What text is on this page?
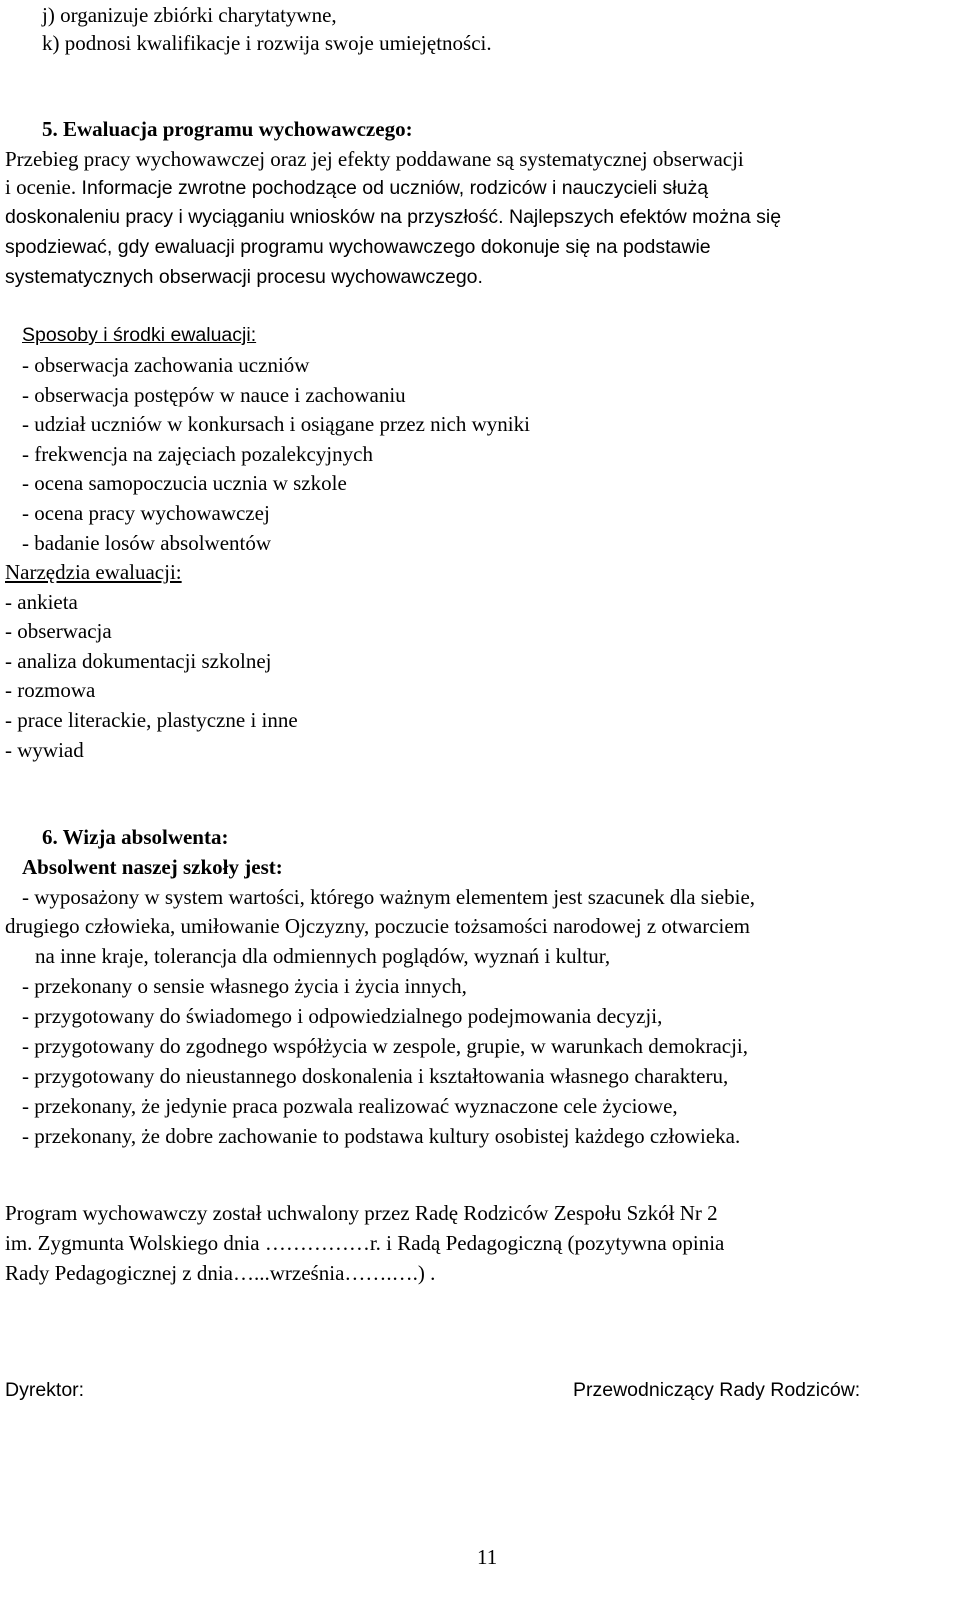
j) organizuje zbiórki charytatywne,
k) podnosi kwalifikacje i rozwija swoje umiejętności.
5. Ewaluacja programu wychowawczego:
Przebieg pracy wychowawczej oraz jej efekty poddawane są systematycznej obserwacji
i ocenie. Informacje zwrotne pochodzące od uczniów, rodziców i nauczycieli służą
doskonaleniu pracy i wyciąganiu wniosków na przyszłość. Najlepszych efektów można się
spodziewać, gdy ewaluacji programu wychowawczego dokonuje się na podstawie
systematycznych obserwacji procesu wychowawczego.
Sposoby i środki ewaluacji:
- obserwacja zachowania uczniów
- obserwacja postępów w nauce i zachowaniu
- udział uczniów w konkursach i osiągane przez nich wyniki
- frekwencja na zajęciach pozalekcyjnych
- ocena samopoczucia ucznia w szkole
- ocena pracy wychowawczej
- badanie losów absolwentów
Narzędzia ewaluacji:
- ankieta
- obserwacja
- analiza dokumentacji szkolnej
- rozmowa
- prace literackie, plastyczne i inne
- wywiad
6. Wizja absolwenta:
Absolwent naszej szkoły jest:
- wyposażony w system wartości, którego ważnym elementem jest szacunek dla siebie,
drugiego człowieka, umiłowanie Ojczyzny, poczucie tożsamości narodowej z otwarciem
na inne kraje, tolerancja dla odmiennych poglądów, wyznań i kultur,
- przekonany o sensie własnego życia i życia innych,
- przygotowany do świadomego i odpowiedzialnego podejmowania decyzji,
- przygotowany do zgodnego współżycia w zespole, grupie, w warunkach demokracji,
- przygotowany do nieustannego doskonalenia i kształtowania własnego charakteru,
- przekonany, że jedynie praca pozwala realizować wyznaczone cele życiowe,
- przekonany, że dobre zachowanie to podstawa kultury osobistej każdego człowieka.
Program wychowawczy został uchwalony przez Radę Rodziców Zespołu Szkół Nr 2
im. Zygmunta Wolskiego dnia ……………r. i Radą Pedagogiczną (pozytywna opinia
Rady Pedagogicznej z dnia…...września…….….) .
Dyrektor:	Przewodniczący Rady Rodziców:
11
